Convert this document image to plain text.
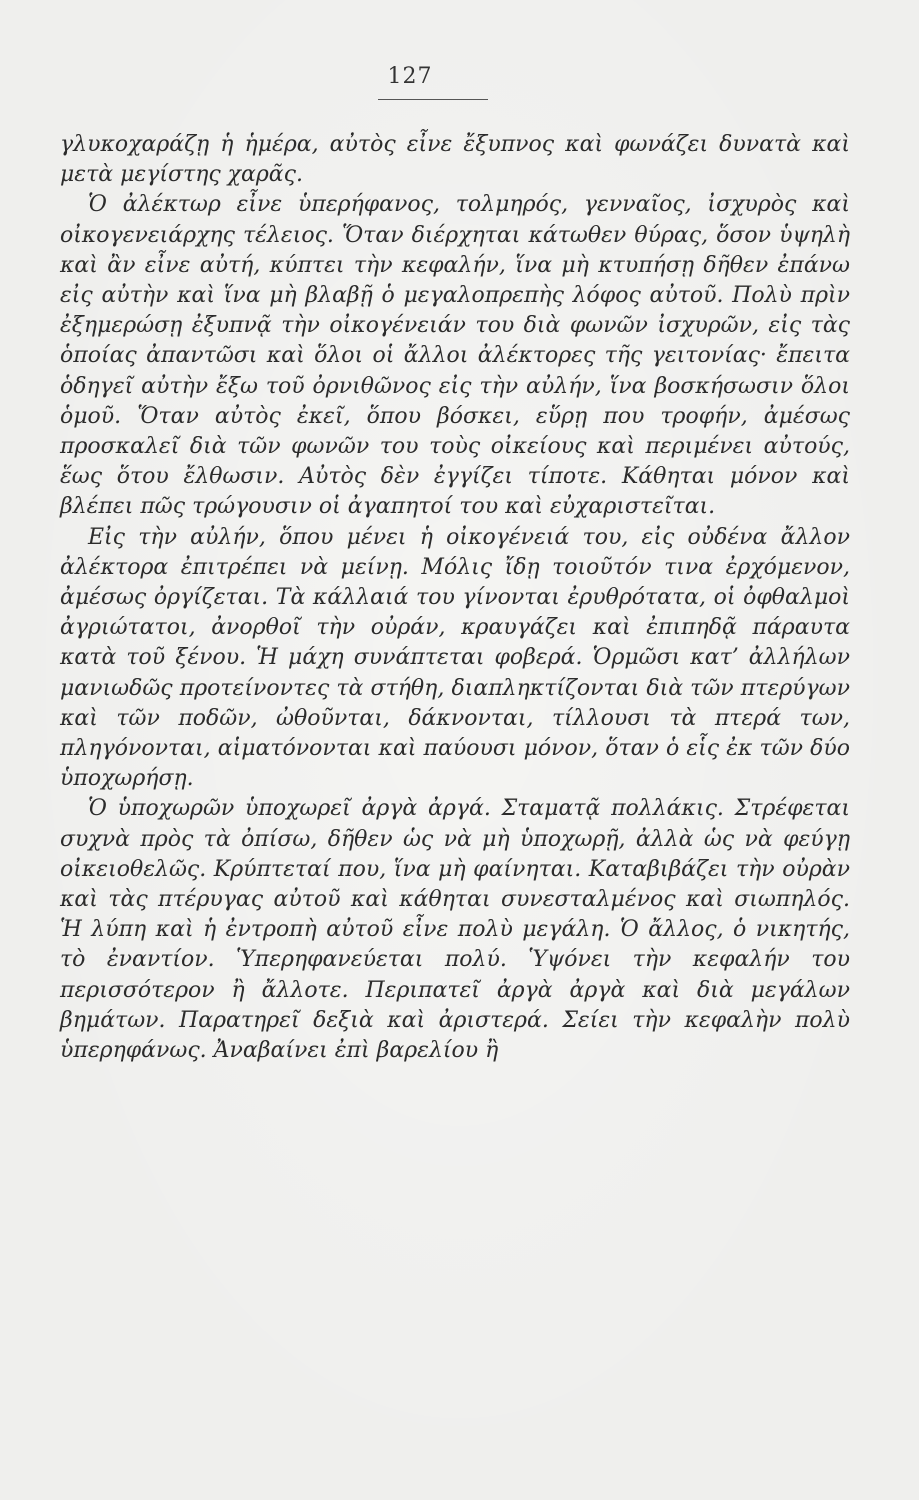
127

γλυκοχαράζῃ ἡ ἡμέρα, αὐτὸς εἶνε ἔξυπνος καὶ φωνάζει δυνατὰ καὶ μετὰ μεγίστης χαρᾶς.

Ὁ ἀλέκτωρ εἶνε ὑπερήφανος, τολμηρός, γενναῖος, ἰσχυρὸς καὶ οἰκογενειάρχης τέλειος. Ὅταν διέρχηται κάτωθεν θύρας, ὅσον ὑψηλὴ καὶ ἂν εἶνε αὐτή, κύπτει τὴν κεφαλήν, ἵνα μὴ κτυπήσῃ δῆθεν ἐπάνω εἰς αὐτὴν καὶ ἵνα μὴ βλαβῇ ὁ μεγαλοπρεπὴς λόφος αὐτοῦ. Πολὺ πρὶν ἐξημερώσῃ ἐξυπνᾷ τὴν οἰκογένειάν του διὰ φωνῶν ἰσχυρῶν, εἰς τὰς ὁποίας ἀπαντῶσι καὶ ὅλοι οἱ ἄλλοι ἀλέκτορες τῆς γειτονίας· ἔπειτα ὁδηγεῖ αὐτὴν ἔξω τοῦ ὀρνιθῶνος εἰς τὴν αὐλήν, ἵνα βοσκήσωσιν ὅλοι ὁμοῦ. Ὅταν αὐτὸς ἐκεῖ, ὅπου βόσκει, εὕρῃ που τροφήν, ἀμέσως προσκαλεῖ διὰ τῶν φωνῶν του τοὺς οἰκείους καὶ περιμένει αὐτούς, ἕως ὅτου ἔλθωσιν. Αὐτὸς δὲν ἐγγίζει τίποτε. Κάθηται μόνον καὶ βλέπει πῶς τρώγουσιν οἱ ἀγαπητοί του καὶ εὐχαριστεῖται.

Εἰς τὴν αὐλήν, ὅπου μένει ἡ οἰκογένειά του, εἰς οὐδένα ἄλλον ἀλέκτορα ἐπιτρέπει νὰ μείνῃ. Μόλις ἴδῃ τοιοῦτόν τινα ἐρχόμενον, ἀμέσως ὀργίζεται. Τὰ κάλλαιά του γίνονται ἐρυθρότατα, οἱ ὀφθαλμοὶ ἀγριώτατοι, ἀνορθοῖ τὴν οὐράν, κραυγάζει καὶ ἐπιπηδᾷ πάραυτα κατὰ τοῦ ξένου. Ἡ μάχη συνάπτεται φοβερά. Ὁρμῶσι κατ’ ἀλλήλων μανιωδῶς προτείνοντες τὰ στήθη, διαπληκτίζονται διὰ τῶν πτερύγων καὶ τῶν ποδῶν, ὠθοῦνται, δάκνονται, τίλλουσι τὰ πτερά των, πληγόνονται, αἱματόνονται καὶ παύουσι μόνον, ὅταν ὁ εἷς ἐκ τῶν δύο ὑποχωρήσῃ.

Ὁ ὑποχωρῶν ὑποχωρεῖ ἀργὰ ἀργά. Σταματᾷ πολλάκις. Στρέφεται συχνὰ πρὸς τὰ ὀπίσω, δῆθεν ὡς νὰ μὴ ὑποχωρῇ, ἀλλὰ ὡς νὰ φεύγῃ οἰκειοθελῶς. Κρύπτεταί που, ἵνα μὴ φαίνηται. Καταβιβάζει τὴν οὐρὰν καὶ τὰς πτέρυγας αὐτοῦ καὶ κάθηται συνεσταλμένος καὶ σιωπηλός. Ἡ λύπη καὶ ἡ ἐντροπὴ αὐτοῦ εἶνε πολὺ μεγάλη. Ὁ ἄλλος, ὁ νικητής, τὸ ἐναντίον. Ὑπερηφανεύεται πολύ. Ὑψόνει τὴν κεφαλήν του περισσότερον ἢ ἄλλοτε. Περιπατεῖ ἀργὰ ἀργὰ καὶ διὰ μεγάλων βημάτων. Παρατηρεῖ δεξιὰ καὶ ἀριστερά. Σείει τὴν κεφαλὴν πολὺ ὑπερηφάνως. Ἀναβαίνει ἐπὶ βαρελίου ἢ
